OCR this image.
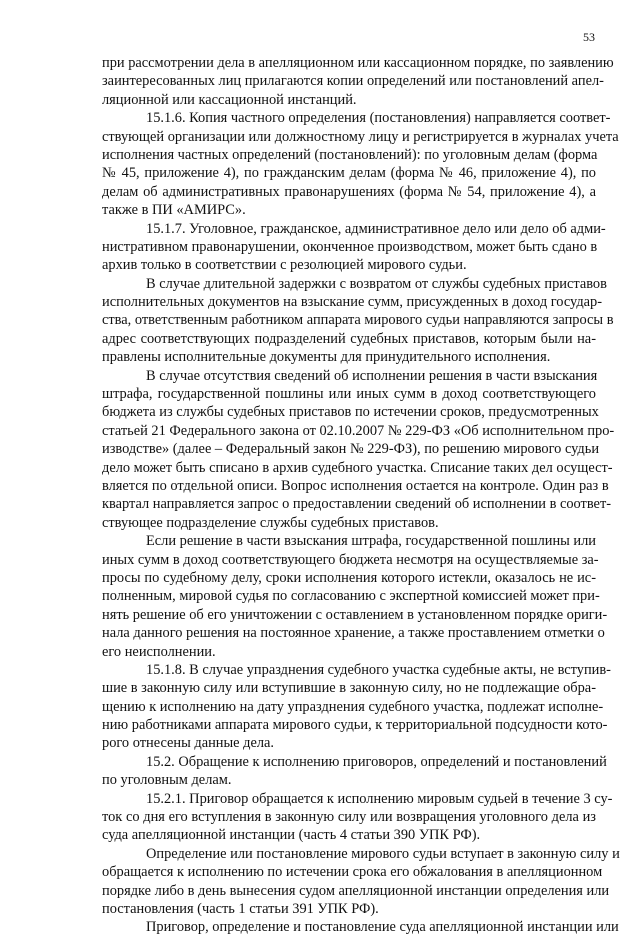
53
при рассмотрении дела в апелляционном или кассационном порядке, по заявлению
заинтересованных лиц прилагаются копии определений или постановлений апел-
ляционной или кассационной инстанций.
15.1.6. Копия частного определения (постановления) направляется соответ-
ствующей организации или должностному лицу и регистрируется в журналах учета
исполнения частных определений (постановлений): по уголовным делам (форма
№ 45, приложение 4), по гражданским делам (форма № 46, приложение 4), по
делам об административных правонарушениях (форма № 54, приложение 4), а
также в ПИ «АМИРС».
15.1.7. Уголовное, гражданское, административное дело или дело об адми-
нистративном правонарушении, оконченное производством, может быть сдано в
архив только в соответствии с резолюцией мирового судьи.
В случае длительной задержки с возвратом от службы судебных приставов
исполнительных документов на взыскание сумм, присужденных в доход государ-
ства, ответственным работником аппарата мирового судьи направляются запросы в
адрес соответствующих подразделений судебных приставов, которым были на-
правлены исполнительные документы для принудительного исполнения.
В случае отсутствия сведений об исполнении решения в части взыскания
штрафа, государственной пошлины или иных сумм в доход соответствующего
бюджета из службы судебных приставов по истечении сроков, предусмотренных
статьей 21 Федерального закона от 02.10.2007 № 229-ФЗ «Об исполнительном про-
изводстве» (далее – Федеральный закон № 229-ФЗ), по решению мирового судьи
дело может быть списано в архив судебного участка. Списание таких дел осущест-
вляется по отдельной описи. Вопрос исполнения остается на контроле. Один раз в
квартал направляется запрос о предоставлении сведений об исполнении в соответ-
ствующее подразделение службы судебных приставов.
Если решение в части взыскания штрафа, государственной пошлины или
иных сумм в доход соответствующего бюджета несмотря на осуществляемые за-
просы по судебному делу, сроки исполнения которого истекли, оказалось не ис-
полненным, мировой судья по согласованию с экспертной комиссией может при-
нять решение об его уничтожении с оставлением в установленном порядке ориги-
нала данного решения на постоянное хранение, а также проставлением отметки о
его неисполнении.
15.1.8. В случае упразднения судебного участка судебные акты, не вступив-
шие в законную силу или вступившие в законную силу, но не подлежащие обра-
щению к исполнению на дату упразднения судебного участка, подлежат исполне-
нию работниками аппарата мирового судьи, к территориальной подсудности кото-
рого отнесены данные дела.
15.2. Обращение к исполнению приговоров, определений и постановлений
по уголовным делам.
15.2.1. Приговор обращается к исполнению мировым судьей в течение 3 су-
ток со дня его вступления в законную силу или возвращения уголовного дела из
суда апелляционной инстанции (часть 4 статьи 390 УПК РФ).
Определение или постановление мирового судьи вступает в законную силу и
обращается к исполнению по истечении срока его обжалования в апелляционном
порядке либо в день вынесения судом апелляционной инстанции определения или
постановления (часть 1 статьи 391 УПК РФ).
Приговор, определение и постановление суда апелляционной инстанции или
